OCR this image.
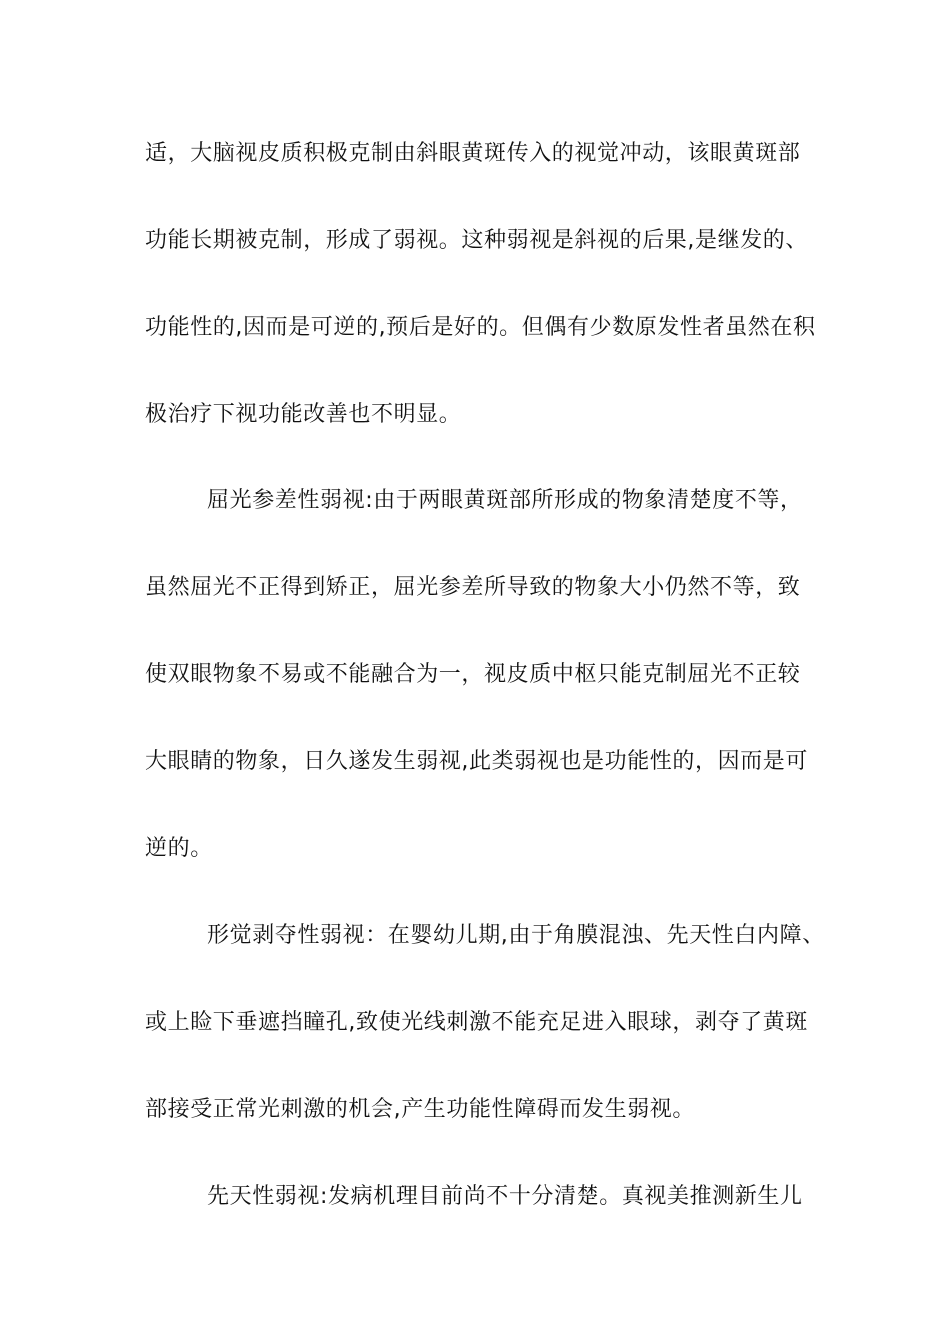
适，大脑视皮质积极克制由斜眼黄斑传入的视觉冲动，该眼黄斑部
功能长期被克制，形成了弱视。这种弱视是斜视的后果,是继发的、
功能性的,因而是可逆的,预后是好的。但偶有少数原发性者虽然在积
极治疗下视功能改善也不明显。
屈光参差性弱视:由于两眼黄斑部所形成的物象清楚度不等，
虽然屈光不正得到矫正，屈光参差所导致的物象大小仍然不等，致
使双眼物象不易或不能融合为一，视皮质中枢只能克制屈光不正较
大眼睛的物象，日久遂发生弱视,此类弱视也是功能性的，因而是可
逆的。
形觉剥夺性弱视：在婴幼儿期,由于角膜混浊、先天性白内障、
或上睑下垂遮挡瞳孔,致使光线刺激不能充足进入眼球，剥夺了黄斑
部接受正常光刺激的机会,产生功能性障碍而发生弱视。
先天性弱视:发病机理目前尚不十分清楚。真视美推测新生儿
